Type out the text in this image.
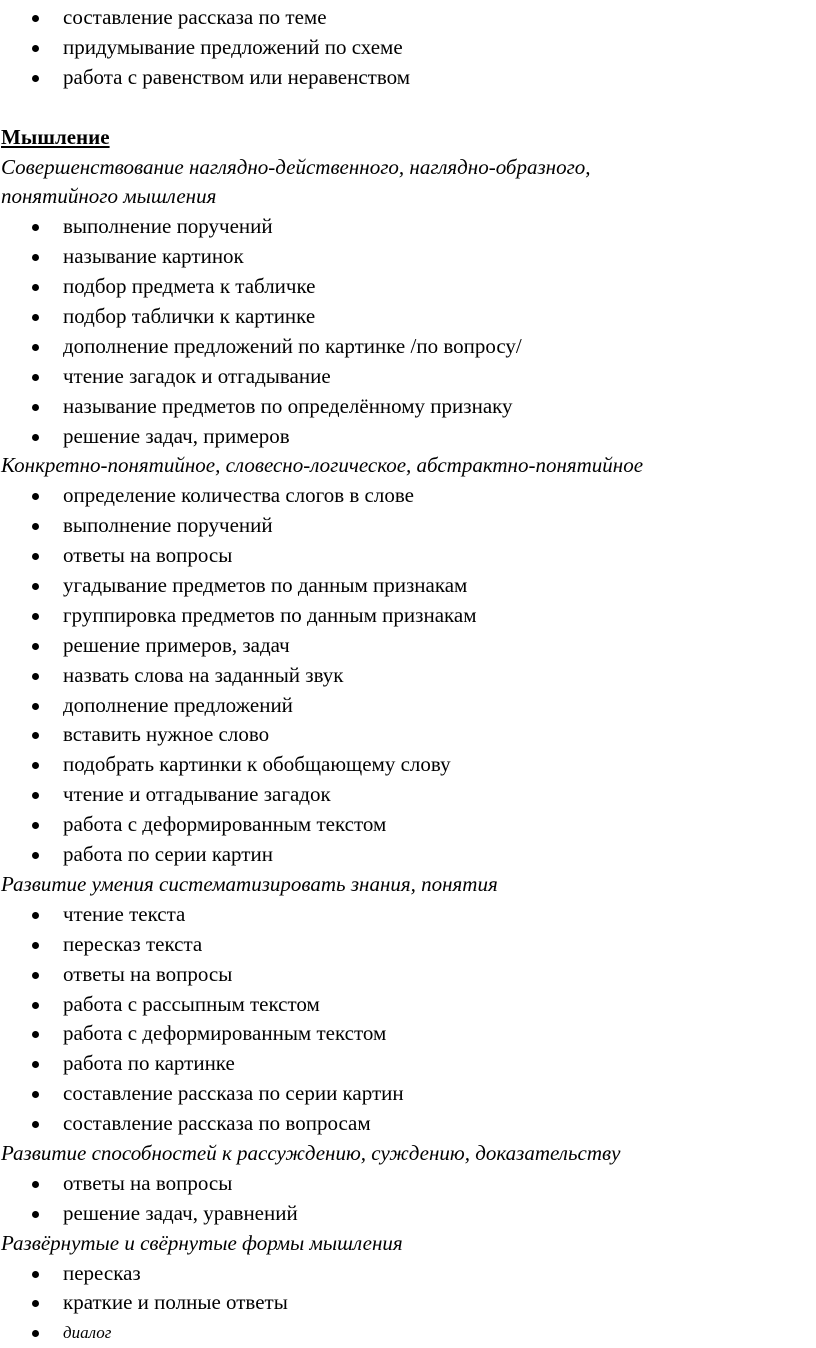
составление рассказа по теме
придумывание предложений по схеме
работа с равенством или неравенством
Мышление
Совершенствование наглядно-действенного, наглядно-образного,
понятийного мышления
выполнение поручений
называние картинок
подбор предмета к табличке
подбор таблички к картинке
дополнение предложений по картинке /по вопросу/
чтение загадок и отгадывание
называние предметов по определённому признаку
решение задач, примеров
Конкретно-понятийное, словесно-логическое, абстрактно-понятийное
определение количества слогов в слове
выполнение поручений
ответы на вопросы
угадывание предметов по данным признакам
группировка предметов по данным признакам
решение примеров, задач
назвать слова на заданный звук
дополнение предложений
вставить нужное слово
подобрать картинки к обобщающему слову
чтение и отгадывание загадок
работа с деформированным текстом
работа по серии картин
Развитие умения систематизировать знания, понятия
чтение текста
пересказ текста
ответы на вопросы
работа с рассыпным текстом
работа с деформированным текстом
работа по картинке
составление рассказа по серии картин
составление рассказа по вопросам
Развитие способностей к рассуждению, суждению, доказательству
ответы на вопросы
решение задач, уравнений
Развёрнутые и свёрнутые формы мышления
пересказ
краткие и полные ответы
диалог
